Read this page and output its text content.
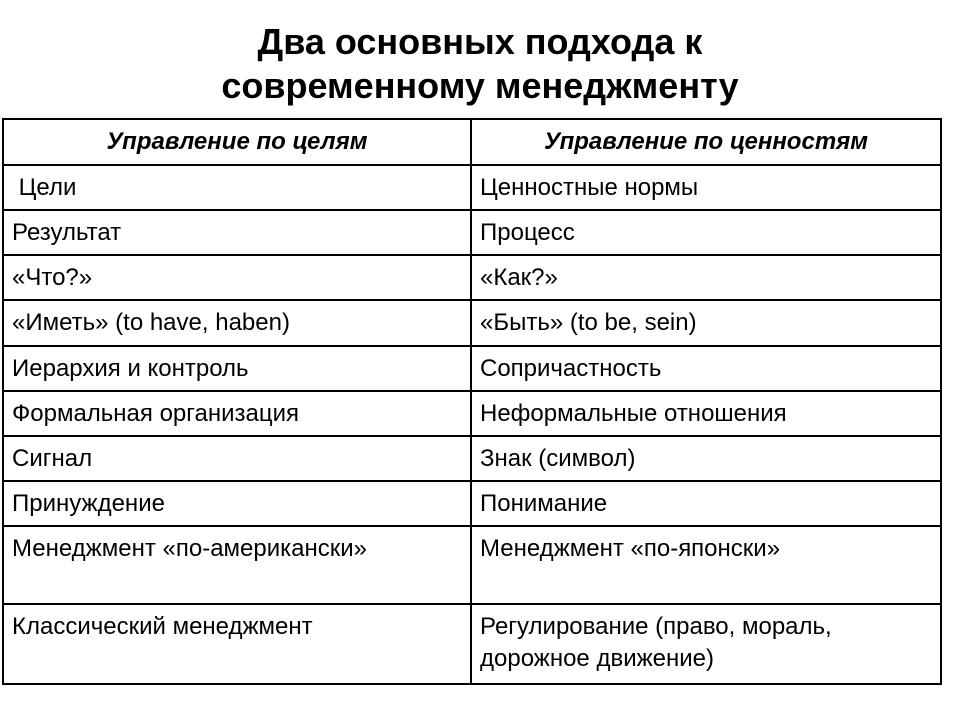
Два основных подхода к
современному менеджменту
Управление по целям	Управление по ценностям
Цели	Ценностные нормы
Результат	Процесс
«Что?»	«Как?»
«Иметь» (to have, haben)	«Быть» (to be, sein)
Иерархия и контроль	Сопричастность
Формальная организация	Неформальные отношения
Сигнал	Знак (символ)
Принуждение	Понимание
Менеджмент «по-американски»	Менеджмент «по-японски»
Классический менеджмент	Регулирование (право, мораль, дорожное движение)
